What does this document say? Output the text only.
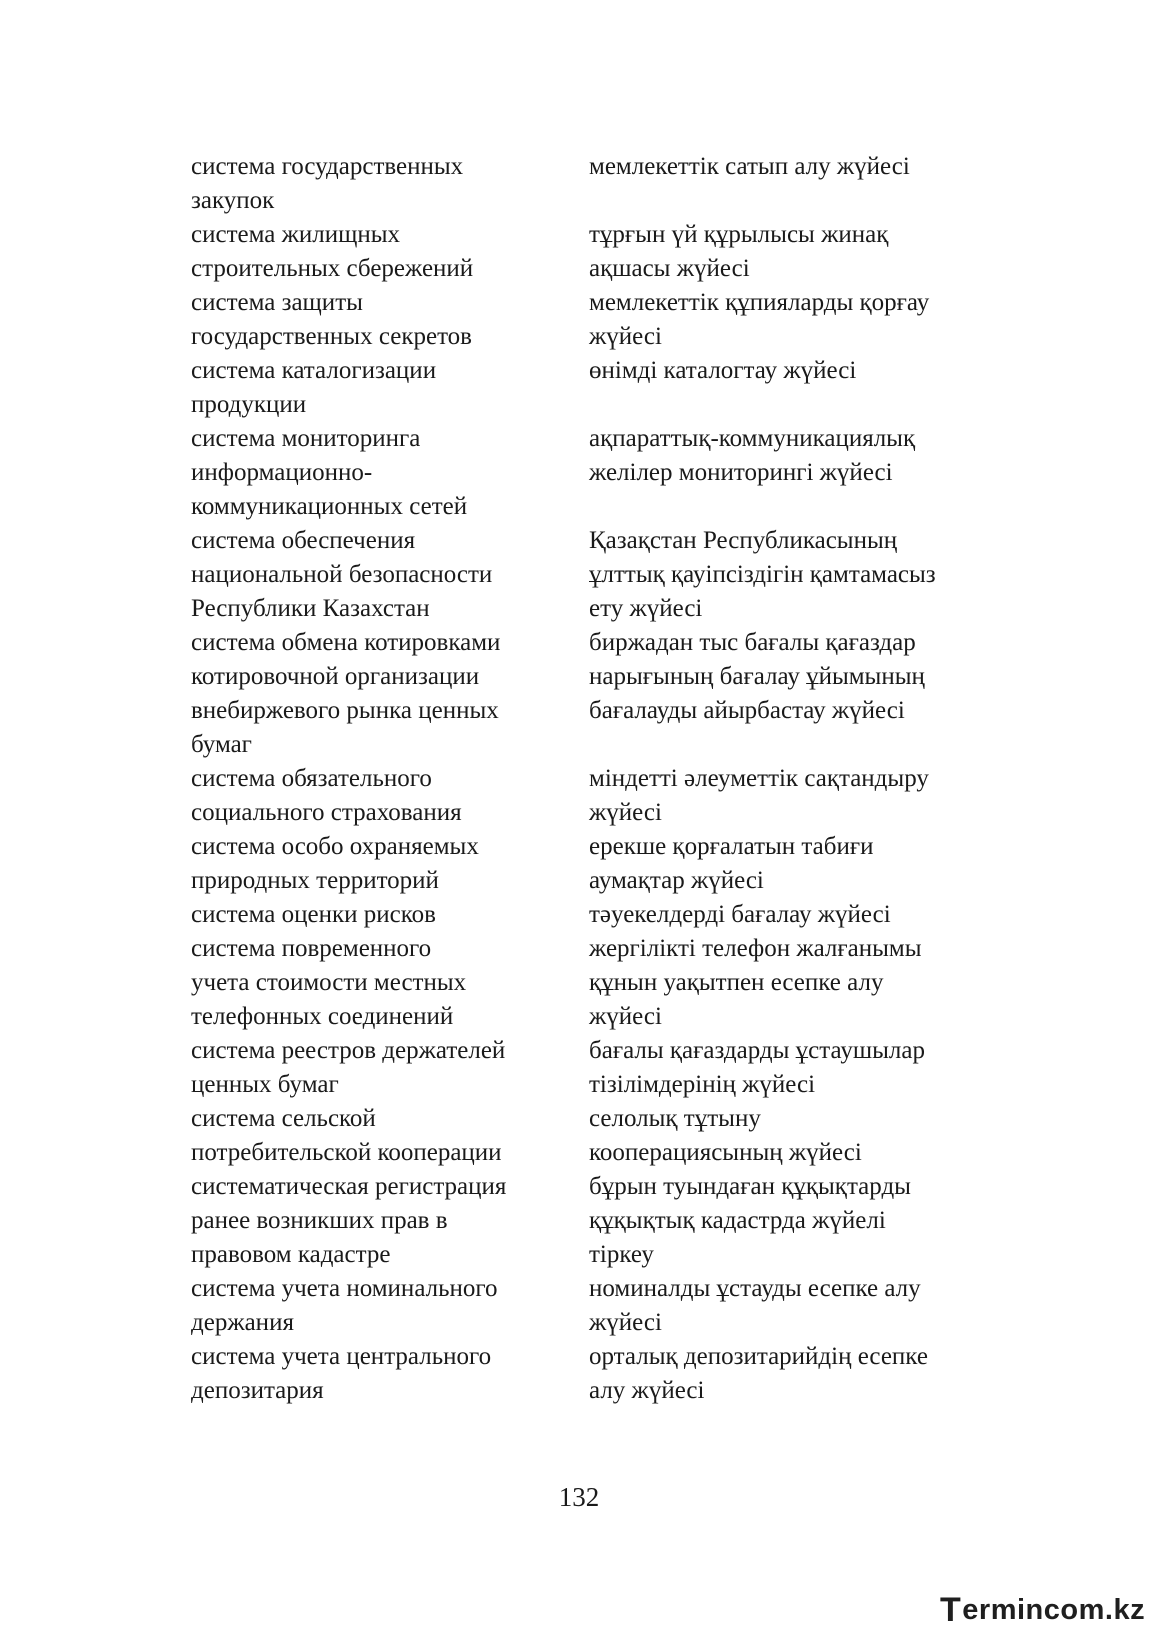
система государственных
закупок
мемлекеттік сатып алу жүйесі
система жилищных
строительных сбережений
тұрғын үй құрылысы жинақ
ақшасы жүйесі
система защиты
государственных секретов
мемлекеттік құпияларды қорғау
жүйесі
система каталогизации
продукции
өнімді каталогтау жүйесі
система мониторинга
информационно-
коммуникационных сетей
ақпараттық-коммуникациялық
желілер мониторингі жүйесі
система обеспечения
национальной безопасности
Республики Казахстан
Қазақстан Республикасының
ұлттық қауіпсіздігін қамтамасыз
ету жүйесі
система обмена котировками
котировочной организации
внебиржевого рынка ценных
бумаг
биржадан тыс бағалы қағаздар
нарығының бағалау ұйымының
бағалауды айырбастау жүйесі
система обязательного
социального страхования
міндетті әлеуметтік сақтандыру
жүйесі
система особо охраняемых
природных территорий
ерекше қорғалатын табиғи
аумақтар жүйесі
система оценки рисков	тәуекелдерді бағалау жүйесі
система повременного
учета стоимости местных
телефонных соединений
жергілікті телефон жалғанымы
құнын уақытпен есепке алу
жүйесі
система реестров держателей
ценных бумаг
бағалы қағаздарды ұстаушылар
тізілімдерінің жүйесі
система сельской
потребительской кооперации
селолық тұтыну
кооперациясының жүйесі
систематическая регистрация
ранее возникших прав в
правовом кадастре
бұрын туындаған құқықтарды
құқықтық кадастрда жүйелі
тіркеу
система учета номинального
держания
номиналды ұстауды есепке алу
жүйесі
система учета центрального
депозитария
орталық депозитарийдің есепке
алу жүйесі
132
T ermincom.kz
